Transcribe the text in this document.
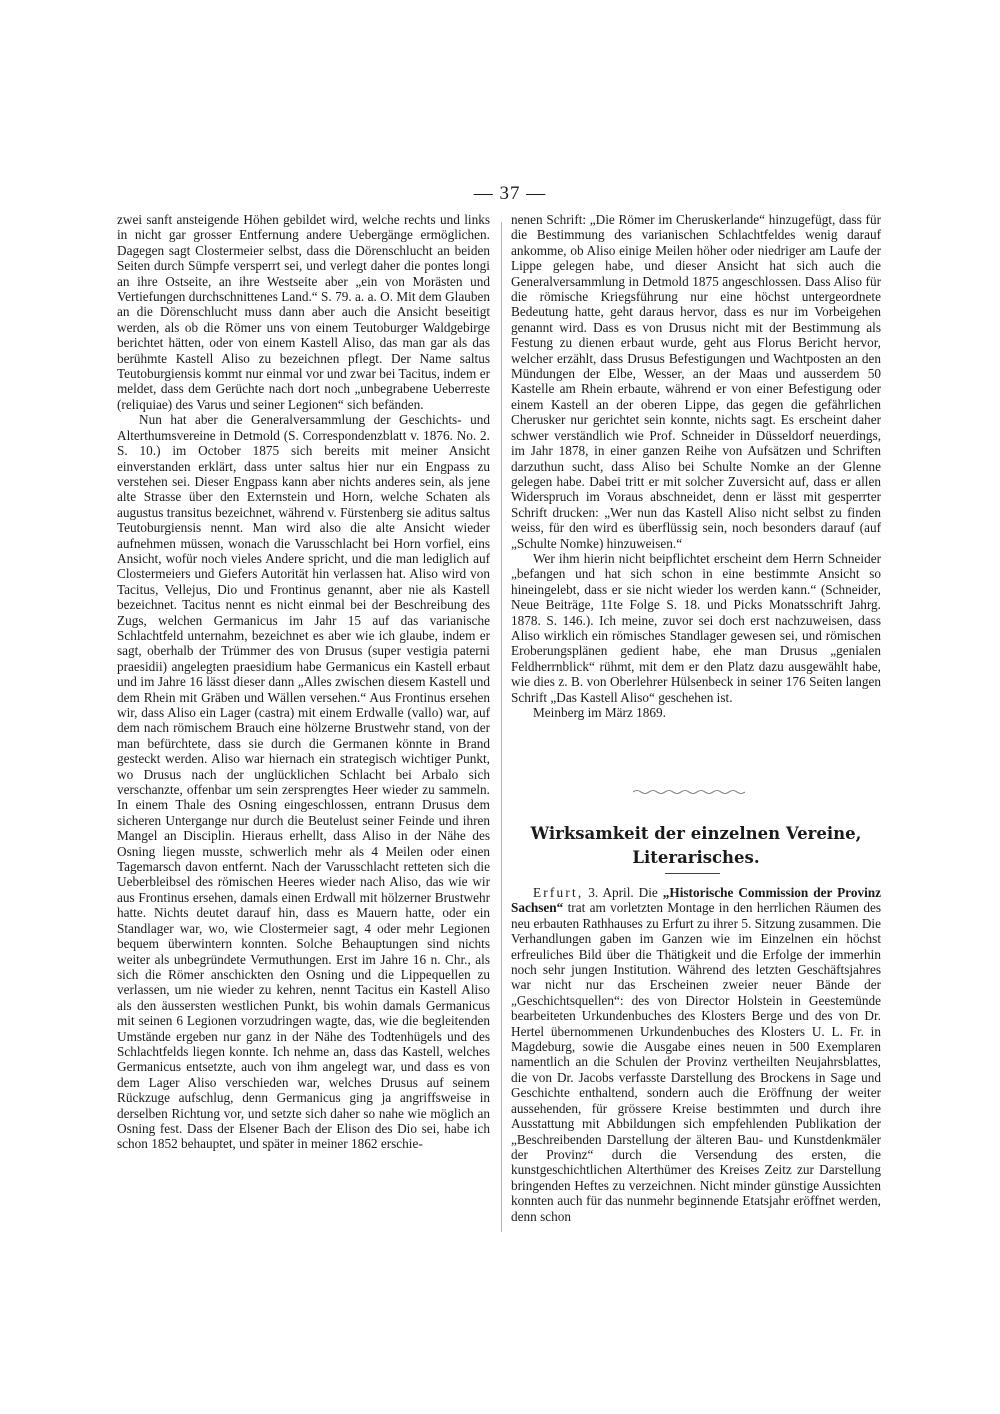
— 37 —

zwei sanft ansteigende Höhen gebildet wird, welche rechts und links in nicht gar grosser Entfernung andere Uebergänge ermöglichen. Dagegen sagt Clostermeier selbst, dass die Dörenschlucht an beiden Seiten durch Sümpfe versperrt sei, und verlegt daher die pontes longi an ihre Ostseite, an ihre Westseite aber „ein von Morästen und Vertiefungen durchschnittenes Land.“ S. 79. a. a. O. Mit dem Glauben an die Dörenschlucht muss dann aber auch die Ansicht beseitigt werden, als ob die Römer uns von einem Teutoburger Waldgebirge berichtet hätten, oder von einem Kastell Aliso, das man gar als das berühmte Kastell Aliso zu bezeichnen pflegt. Der Name saltus Teutoburgiensis kommt nur einmal vor und zwar bei Tacitus, indem er meldet, dass dem Gerüchte nach dort noch „unbegrabene Ueberreste (reliquiae) des Varus und seiner Legionen“ sich befänden.

Nun hat aber die Generalversammlung der Geschichts- und Alterthumsvereine in Detmold (S. Correspondenzblatt v. 1876. No. 2. S. 10.) im October 1875 sich bereits mit meiner Ansicht einverstanden erklärt, dass unter saltus hier nur ein Engpass zu verstehen sei. Dieser Engpass kann aber nichts anderes sein, als jene alte Strasse über den Externstein und Horn, welche Schaten als augustus transitus bezeichnet, während v. Fürstenberg sie aditus saltus Teutoburgiensis nennt. Man wird also die alte Ansicht wieder aufnehmen müssen, wonach die Varusschlacht bei Horn vorfiel, eins Ansicht, wofür noch vieles Andere spricht, und die man lediglich auf Clostermeiers und Giefers Autorität hin verlassen hat. Aliso wird von Tacitus, Vellejus, Dio und Frontinus genannt, aber nie als Kastell bezeichnet. Tacitus nennt es nicht einmal bei der Beschreibung des Zugs, welchen Germanicus im Jahr 15 auf das varianische Schlachtfeld unternahm, bezeichnet es aber wie ich glaube, indem er sagt, oberhalb der Trümmer des von Drusus (super vestigia paterni praesidii) angelegten praesidium habe Germanicus ein Kastell erbaut und im Jahre 16 lässt dieser dann „Alles zwischen diesem Kastell und dem Rhein mit Gräben und Wällen versehen.“ Aus Frontinus ersehen wir, dass Aliso ein Lager (castra) mit einem Erdwalle (vallo) war, auf dem nach römischem Brauch eine hölzerne Brustwehr stand, von der man befürchtete, dass sie durch die Germanen könnte in Brand gesteckt werden. Aliso war hiernach ein strategisch wichtiger Punkt, wo Drusus nach der unglücklichen Schlacht bei Arbalo sich verschanzte, offenbar um sein zersprengtes Heer wieder zu sammeln. In einem Thale des Osning eingeschlossen, entrann Drusus dem sicheren Untergange nur durch die Beutelust seiner Feinde und ihren Mangel an Disciplin. Hieraus erhellt, dass Aliso in der Nähe des Osning liegen musste, schwerlich mehr als 4 Meilen oder einen Tagemarsch davon entfernt. Nach der Varusschlacht retteten sich die Ueberbleibsel des römischen Heeres wieder nach Aliso, das wie wir aus Frontinus ersehen, damals einen Erdwall mit hölzerner Brustwehr hatte. Nichts deutet darauf hin, dass es Mauern hatte, oder ein Standlager war, wo, wie Clostermeier sagt, 4 oder mehr Legionen bequem überwintern konnten. Solche Behauptungen sind nichts weiter als unbegründete Vermuthungen. Erst im Jahre 16 n. Chr., als sich die Römer anschickten den Osning und die Lippequellen zu verlassen, um nie wieder zu kehren, nennt Tacitus ein Kastell Aliso als den äussersten westlichen Punkt, bis wohin damals Germanicus mit seinen 6 Legionen vorzudringen wagte, das, wie die begleitenden Umstände ergeben nur ganz in der Nähe des Todtenhügels und des Schlachtfelds liegen konnte. Ich nehme an, dass das Kastell, welches Germanicus entsetzte, auch von ihm angelegt war, und dass es von dem Lager Aliso verschieden war, welches Drusus auf seinem Rückzuge aufschlug, denn Germanicus ging ja angriffsweise in derselben Richtung vor, und setzte sich daher so nahe wie möglich an Osning fest. Dass der Elsener Bach der Elison des Dio sei, habe ich schon 1852 behauptet, und später in meiner 1862 erschie-

nenen Schrift: „Die Römer im Cheruskerlande“ hinzugefügt, dass für die Bestimmung des varianischen Schlachtfeldes wenig darauf ankomme, ob Aliso einige Meilen höher oder niedriger am Laufe der Lippe gelegen habe, und dieser Ansicht hat sich auch die Generalversammlung in Detmold 1875 angeschlossen. Dass Aliso für die römische Kriegsführung nur eine höchst untergeordnete Bedeutung hatte, geht daraus hervor, dass es nur im Vorbeigehen genannt wird. Dass es von Drusus nicht mit der Bestimmung als Festung zu dienen erbaut wurde, geht aus Florus Bericht hervor, welcher erzählt, dass Drusus Befestigungen und Wachtposten an den Mündungen der Elbe, Wesser, an der Maas und ausserdem 50 Kastelle am Rhein erbaute, während er von einer Befestigung oder einem Kastell an der oberen Lippe, das gegen die gefährlichen Cherusker nur gerichtet sein konnte, nichts sagt. Es erscheint daher schwer verständlich wie Prof. Schneider in Düsseldorf neuerdings, im Jahr 1878, in einer ganzen Reihe von Aufsätzen und Schriften darzuthun sucht, dass Aliso bei Schulte Nomke an der Glenne gelegen habe. Dabei tritt er mit solcher Zuversicht auf, dass er allen Widerspruch im Voraus abschneidet, denn er lässt mit gesperrter Schrift drucken: „Wer nun das Kastell Aliso nicht selbst zu finden weiss, für den wird es überflüssig sein, noch besonders darauf (auf „Schulte Nomke) hinzuweisen.“

Wer ihm hierin nicht beipflichtet erscheint dem Herrn Schneider „befangen und hat sich schon in eine bestimmte Ansicht so hineingelebt, dass er sie nicht wieder los werden kann.“ (Schneider, Neue Beiträge, 11te Folge S. 18. und Picks Monatsschrift Jahrg. 1878. S. 146.). Ich meine, zuvor sei doch erst nachzuweisen, dass Aliso wirklich ein römisches Standlager gewesen sei, und römischen Eroberungsplänen gedient habe, ehe man Drusus „genialen Feldherrnblick“ rühmt, mit dem er den Platz dazu ausgewählt habe, wie dies z. B. von Oberlehrer Hülsenbeck in seiner 176 Seiten langen Schrift „Das Kastell Aliso“ geschehen ist.

Meinberg im März 1869.

Wirksamkeit der einzelnen Vereine,
Literarisches.

Erfurt, 3. April. Die „Historische Commission der Provinz Sachsen“ trat am vorletzten Montage in den herrlichen Räumen des neu erbauten Rathhauses zu Erfurt zu ihrer 5. Sitzung zusammen. Die Verhandlungen gaben im Ganzen wie im Einzelnen ein höchst erfreuliches Bild über die Thätigkeit und die Erfolge der immerhin noch sehr jungen Institution. Während des letzten Geschäftsjahres war nicht nur das Erscheinen zweier neuer Bände der „Geschichtsquellen“: des von Director Holstein in Geestemünde bearbeiteten Urkundenbuches des Klosters Berge und des von Dr. Hertel übernommenen Urkundenbuches des Klosters U. L. Fr. in Magdeburg, sowie die Ausgabe eines neuen in 500 Exemplaren namentlich an die Schulen der Provinz vertheilten Neujahrsblattes, die von Dr. Jacobs verfasste Darstellung des Brockens in Sage und Geschichte enthaltend, sondern auch die Eröffnung der weiter aussehenden, für grössere Kreise bestimmten und durch ihre Ausstattung mit Abbildungen sich empfehlenden Publikation der „Beschreibenden Darstellung der älteren Bau- und Kunstdenkmäler der Provinz“ durch die Versendung des ersten, die kunstgeschichtlichen Alterthümer des Kreises Zeitz zur Darstellung bringenden Heftes zu verzeichnen. Nicht minder günstige Aussichten konnten auch für das nunmehr beginnende Etatsjahr eröffnet werden, denn schon
